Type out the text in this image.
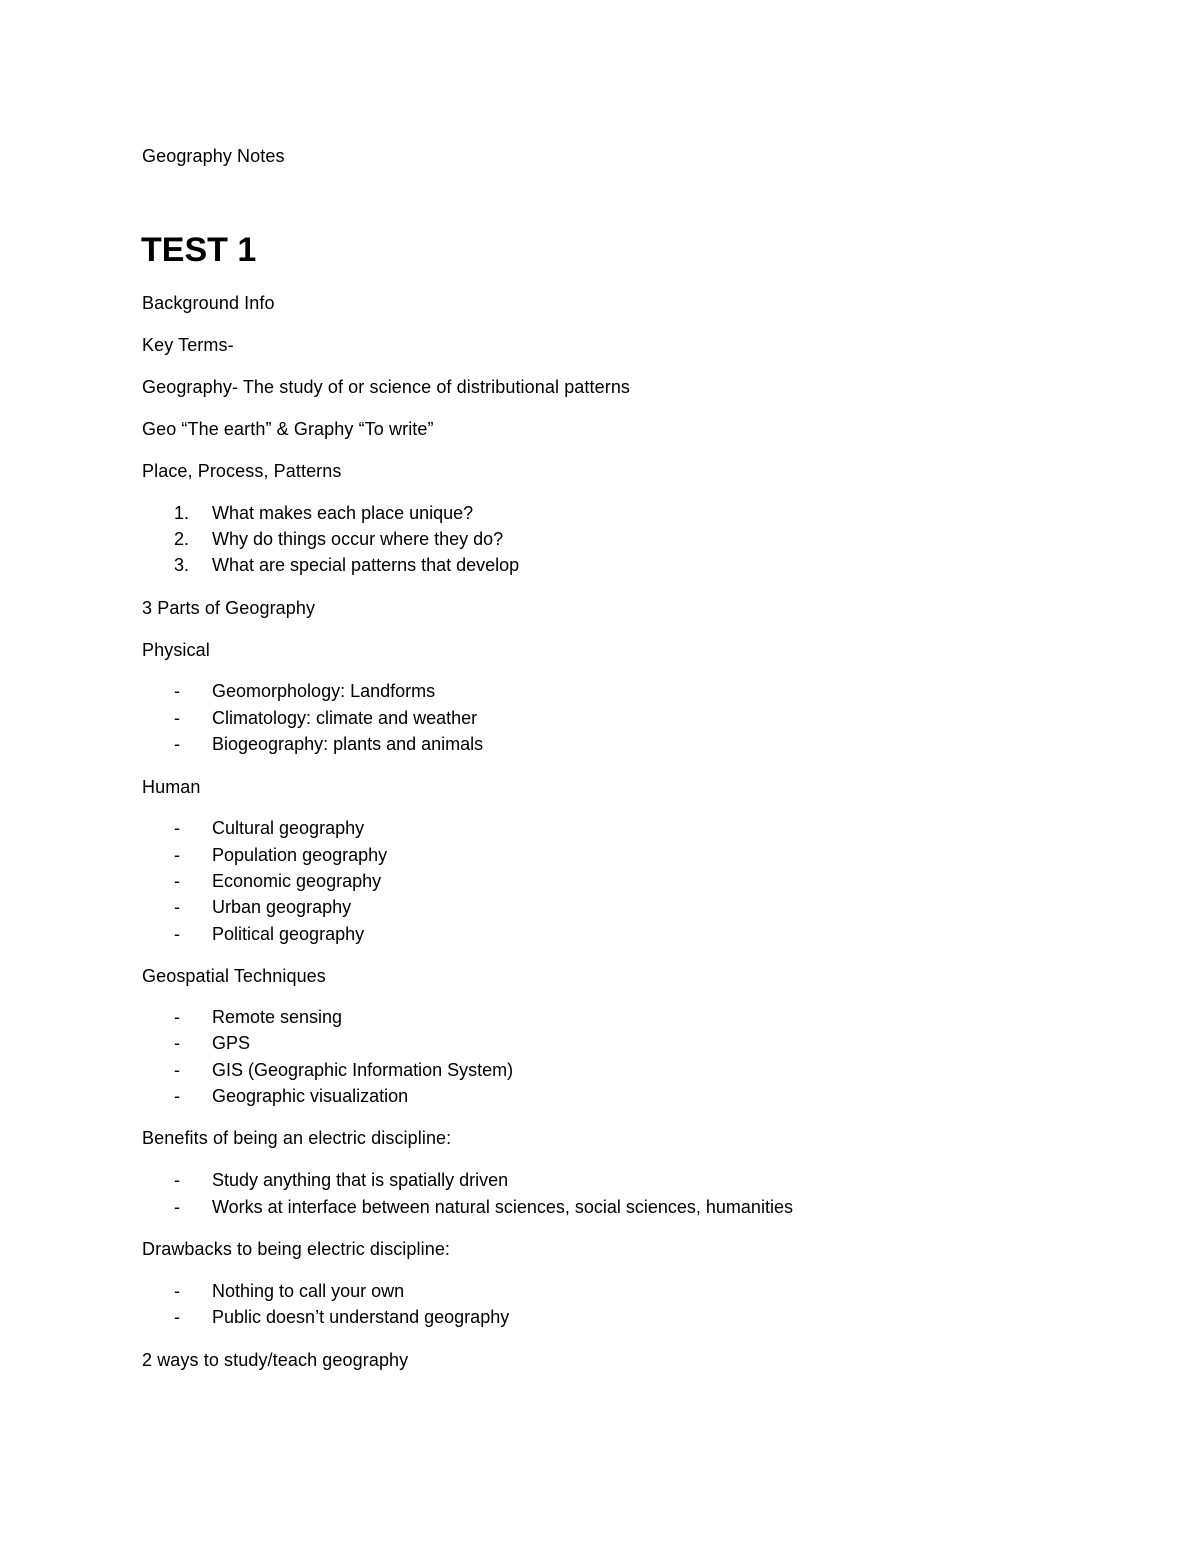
Geography Notes
TEST 1
Background Info
Key Terms-
Geography- The study of or science of distributional patterns
Geo “The earth” & Graphy “To write”
Place, Process, Patterns
1. What makes each place unique?
2. Why do things occur where they do?
3. What are special patterns that develop
3 Parts of Geography
Physical
- Geomorphology: Landforms
- Climatology: climate and weather
- Biogeography: plants and animals
Human
- Cultural geography
- Population geography
- Economic geography
- Urban geography
- Political geography
Geospatial Techniques
- Remote sensing
- GPS
- GIS (Geographic Information System)
- Geographic visualization
Benefits of being an electric discipline:
- Study anything that is spatially driven
- Works at interface between natural sciences, social sciences, humanities
Drawbacks to being electric discipline:
- Nothing to call your own
- Public doesn’t understand geography
2 ways to study/teach geography
